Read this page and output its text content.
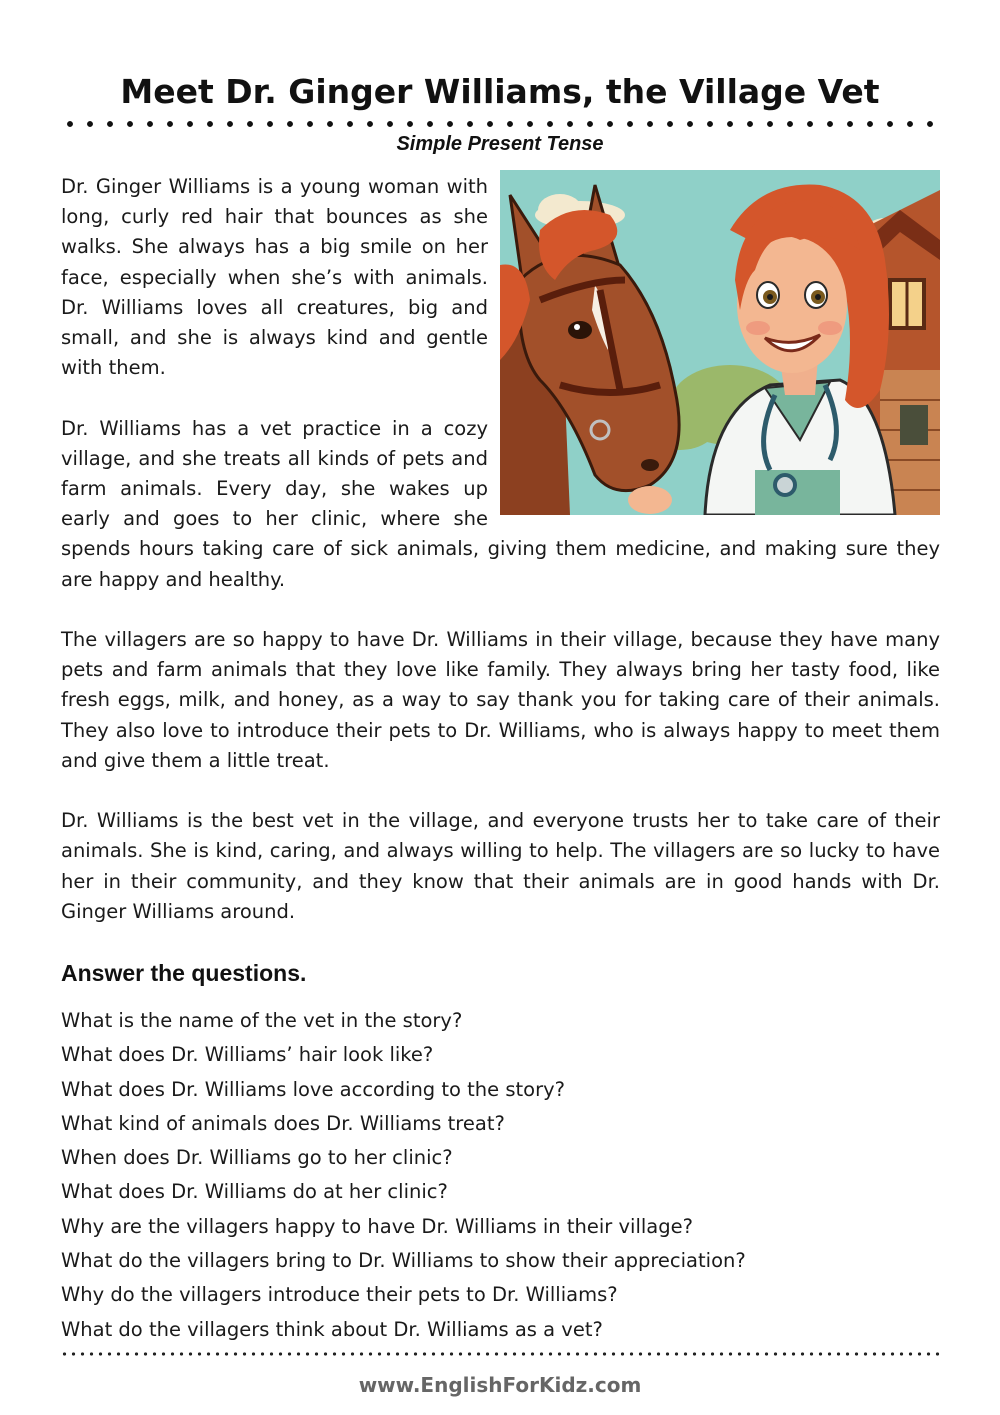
Meet Dr. Ginger Williams, the Village Vet
Simple Present Tense

Dr. Ginger Williams is a young woman with long, curly red hair that bounces as she walks. She always has a big smile on her face, especially when she’s with animals. Dr. Williams loves all creatures, big and small, and she is always kind and gentle with them.

Dr. Williams has a vet practice in a cozy village, and she treats all kinds of pets and farm animals. Every day, she wakes up early and goes to her clinic, where she spends hours taking care of sick animals, giving them medicine, and making sure they are happy and healthy.

The villagers are so happy to have Dr. Williams in their village, because they have many pets and farm animals that they love like family. They always bring her tasty food, like fresh eggs, milk, and honey, as a way to say thank you for taking care of their animals. They also love to introduce their pets to Dr. Williams, who is always happy to meet them and give them a little treat.

Dr. Williams is the best vet in the village, and everyone trusts her to take care of their animals. She is kind, caring, and always willing to help. The villagers are so lucky to have her in their community, and they know that their animals are in good hands with Dr. Ginger Williams around.

Answer the questions.
What is the name of the vet in the story?
What does Dr. Williams’ hair look like?
What does Dr. Williams love according to the story?
What kind of animals does Dr. Williams treat?
When does Dr. Williams go to her clinic?
What does Dr. Williams do at her clinic?
Why are the villagers happy to have Dr. Williams in their village?
What do the villagers bring to Dr. Williams to show their appreciation?
Why do the villagers introduce their pets to Dr. Williams?
What do the villagers think about Dr. Williams as a vet?
www.EnglishForKidz.com
